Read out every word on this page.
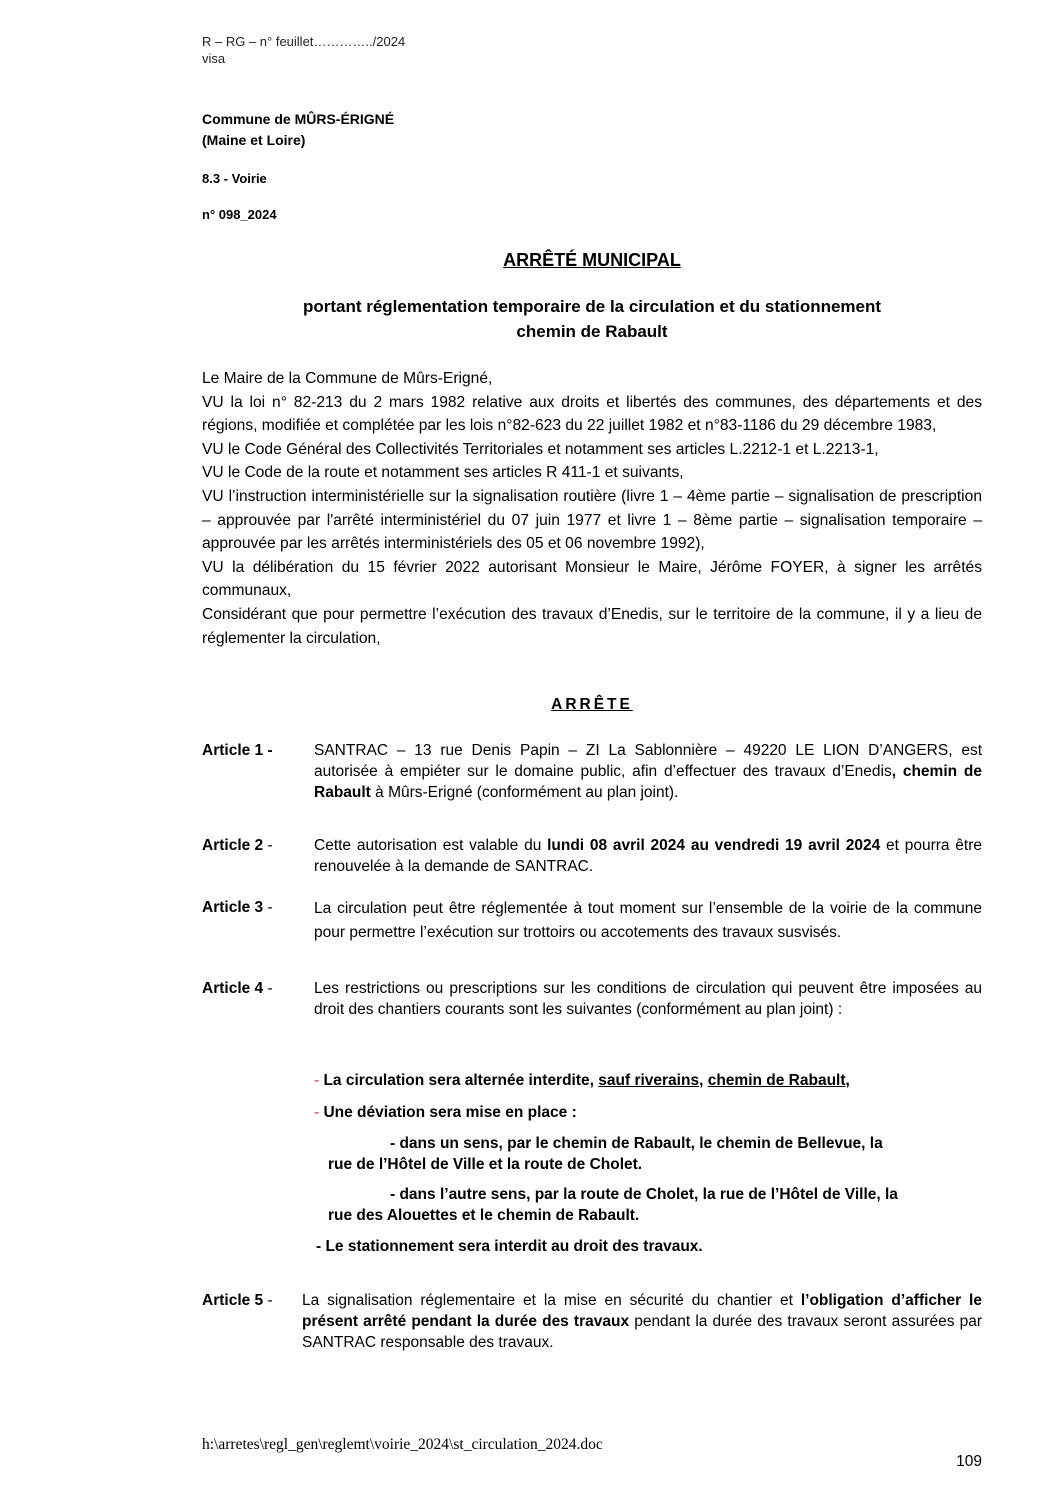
R – RG – n° feuillet…………../2024
visa
Commune de MÛRS-ÉRIGNÉ
(Maine et Loire)
8.3 - Voirie
n° 098_2024
ARRÊTÉ MUNICIPAL
portant réglementation temporaire de la circulation et du stationnement
chemin de Rabault

Le Maire de la Commune de Mûrs-Erigné,

VU la loi n° 82-213 du 2 mars 1982 relative aux droits et libertés des communes, des départements et des régions, modifiée et complétée par les lois n°82-623 du 22 juillet 1982 et n°83-1186 du 29 décembre 1983,

VU le Code Général des Collectivités Territoriales et notamment ses articles L.2212-1 et L.2213-1,

VU le Code de la route et notamment ses articles R 411-1 et suivants,

VU l’instruction interministérielle sur la signalisation routière (livre 1 – 4ème partie – signalisation de prescription – approuvée par l'arrêté interministériel du 07 juin 1977 et livre 1 – 8ème partie – signalisation temporaire – approuvée par les arrêtés interministériels des 05 et 06 novembre 1992),

VU la délibération du 15 février 2022 autorisant Monsieur le Maire, Jérôme FOYER, à signer les arrêtés communaux,

Considérant que pour permettre l’exécution des travaux d’Enedis, sur le territoire de la commune, il y a lieu de réglementer la circulation,

ARRÊTE
Article 1 -	SANTRAC – 13 rue Denis Papin – ZI La Sablonnière – 49220 LE LION D’ANGERS, est autorisée à empiéter sur le domaine public, afin d’effectuer des travaux d’Enedis, chemin de Rabault à Mûrs-Erigné (conformément au plan joint).
Article 2 -	Cette autorisation est valable du lundi 08 avril 2024 au vendredi 19 avril 2024 et pourra être renouvelée à la demande de SANTRAC.
Article 3 -	La circulation peut être réglementée à tout moment sur l’ensemble de la voirie de la commune pour permettre l’exécution sur trottoirs ou accotements des travaux susvisés.
Article 4 -	Les restrictions ou prescriptions sur les conditions de circulation qui peuvent être imposées au droit des chantiers courants sont les suivantes (conformément au plan joint) :
- La circulation sera alternée interdite, sauf riverains, chemin de Rabault,
- Une déviation sera mise en place :
- dans un sens, par le chemin de Rabault, le chemin de Bellevue, la
rue de l’Hôtel de Ville et la route de Cholet.
- dans l’autre sens, par la route de Cholet, la rue de l’Hôtel de Ville, la
rue des Alouettes et le chemin de Rabault.
- Le stationnement sera interdit au droit des travaux.
Article 5 - La signalisation réglementaire et la mise en sécurité du chantier et l’obligation d’afficher le présent arrêté pendant la durée des travaux pendant la durée des travaux seront assurées par SANTRAC responsable des travaux.
h:\arretes\regl_gen\reglemt\voirie_2024\st_circulation_2024.doc
109
